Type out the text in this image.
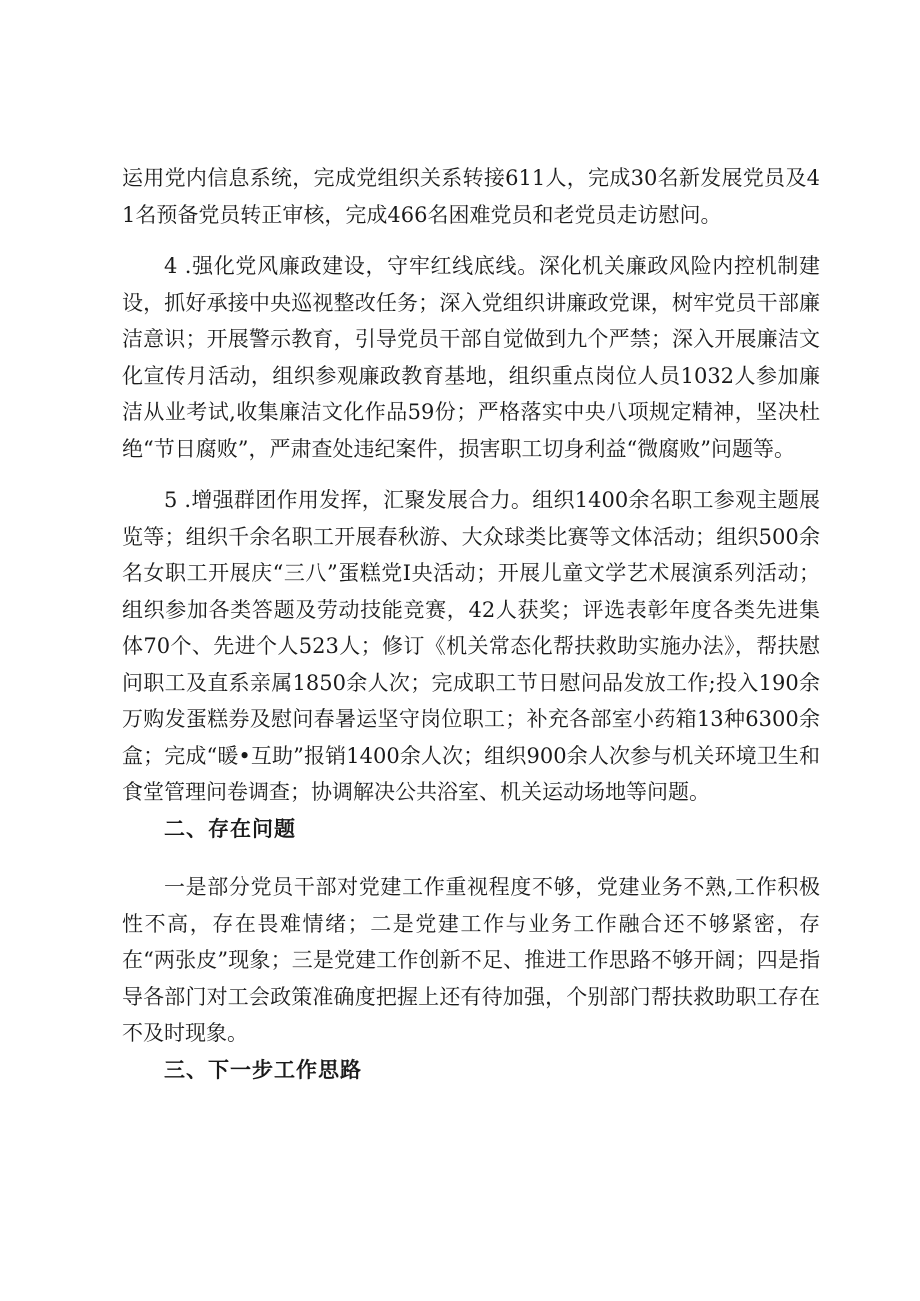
运用党内信息系统，完成党组织关系转接611人，完成30名新发展党员及41名预备党员转正审核，完成466名困难党员和老党员走访慰问。

4 .强化党风廉政建设，守牢红线底线。深化机关廉政风险内控机制建设，抓好承接中央巡视整改任务；深入党组织讲廉政党课，树牢党员干部廉洁意识；开展警示教育，引导党员干部自觉做到九个严禁；深入开展廉洁文化宣传月活动，组织参观廉政教育基地，组织重点岗位人员1032人参加廉洁从业考试,收集廉洁文化作品59份；严格落实中央八项规定精神，坚决杜绝“节日腐败”，严肃查处违纪案件，损害职工切身利益“微腐败”问题等。

5 .增强群团作用发挥，汇聚发展合力。组织1400余名职工参观主题展览等；组织千余名职工开展春秋游、大众球类比赛等文体活动；组织500余名女职工开展庆“三八”蛋糕党I央活动；开展儿童文学艺术展演系列活动；组织参加各类答题及劳动技能竞赛，42人获奖；评选表彰年度各类先进集体70个、先进个人523人；修订《机关常态化帮扶救助实施办法》，帮扶慰问职工及直系亲属1850余人次；完成职工节日慰问品发放工作;投入190余万购发蛋糕券及慰问春暑运坚守岗位职工；补充各部室小药箱13种6300余盒；完成“暖•互助”报销1400余人次；组织900余人次参与机关环境卫生和食堂管理问卷调查；协调解决公共浴室、机关运动场地等问题。

二、存在问题

一是部分党员干部对党建工作重视程度不够，党建业务不熟,工作积极性不高，存在畏难情绪；二是党建工作与业务工作融合还不够紧密，存在“两张皮”现象；三是党建工作创新不足、推进工作思路不够开阔；四是指导各部门对工会政策准确度把握上还有待加强，个别部门帮扶救助职工存在不及时现象。

三、下一步工作思路
